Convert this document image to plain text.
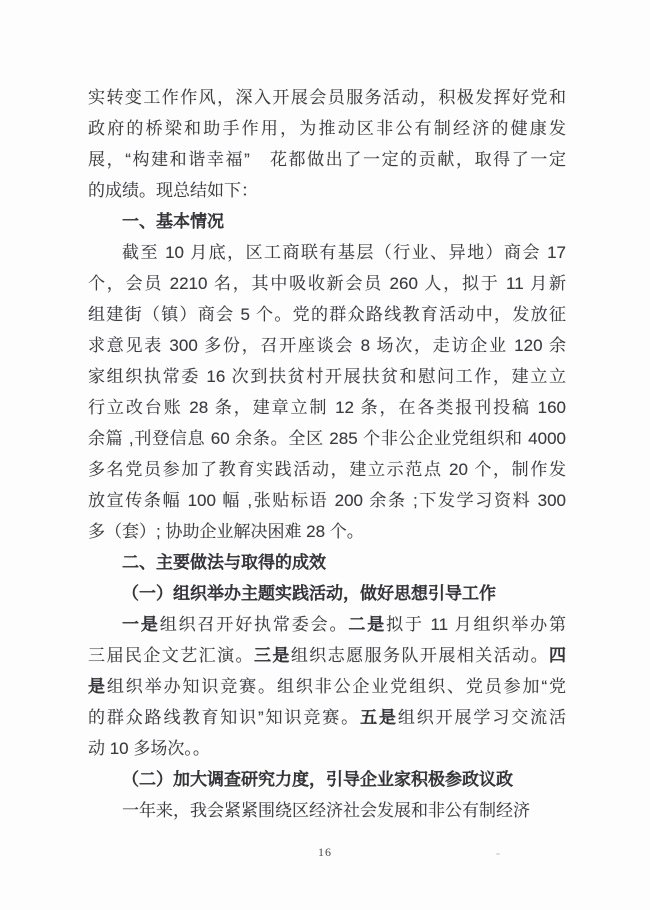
实转变工作作风，深入开展会员服务活动，积极发挥好党和
政府的桥梁和助手作用，为推动区非公有制经济的健康发
展，“构建和谐幸福”　花都做出了一定的贡献，取得了一定
的成绩。现总结如下：
一、基本情况
截至 10 月底，区工商联有基层（行业、异地）商会 17
个，会员 2210 名，其中吸收新会员 260 人，拟于 11 月新
组建街（镇）商会 5 个。党的群众路线教育活动中，发放征
求意见表 300 多份，召开座谈会 8 场次，走访企业 120 余
家组织执常委 16 次到扶贫村开展扶贫和慰问工作，建立立
行立改台账 28 条，建章立制 12 条，在各类报刊投稿 160
余篇 ,刊登信息 60 余条。全区 285 个非公企业党组织和 4000
多名党员参加了教育实践活动，建立示范点 20 个，制作发
放宣传条幅 100 幅 ,张贴标语 200 余条 ;下发学习资料 300
多（套）; 协助企业解决困难 28 个。
二、主要做法与取得的成效
（一）组织举办主题实践活动，做好思想引导工作
一是组织召开好执常委会。二是拟于 11 月组织举办第
三届民企文艺汇演。三是组织志愿服务队开展相关活动。四
是组织举办知识竞赛。组织非公企业党组织、党员参加“党
的群众路线教育知识”知识竞赛。五是组织开展学习交流活
动 10 多场次。。
（二）加大调查研究力度，引导企业家积极参政议政
一年来，我会紧紧围绕区经济社会发展和非公有制经济
16
